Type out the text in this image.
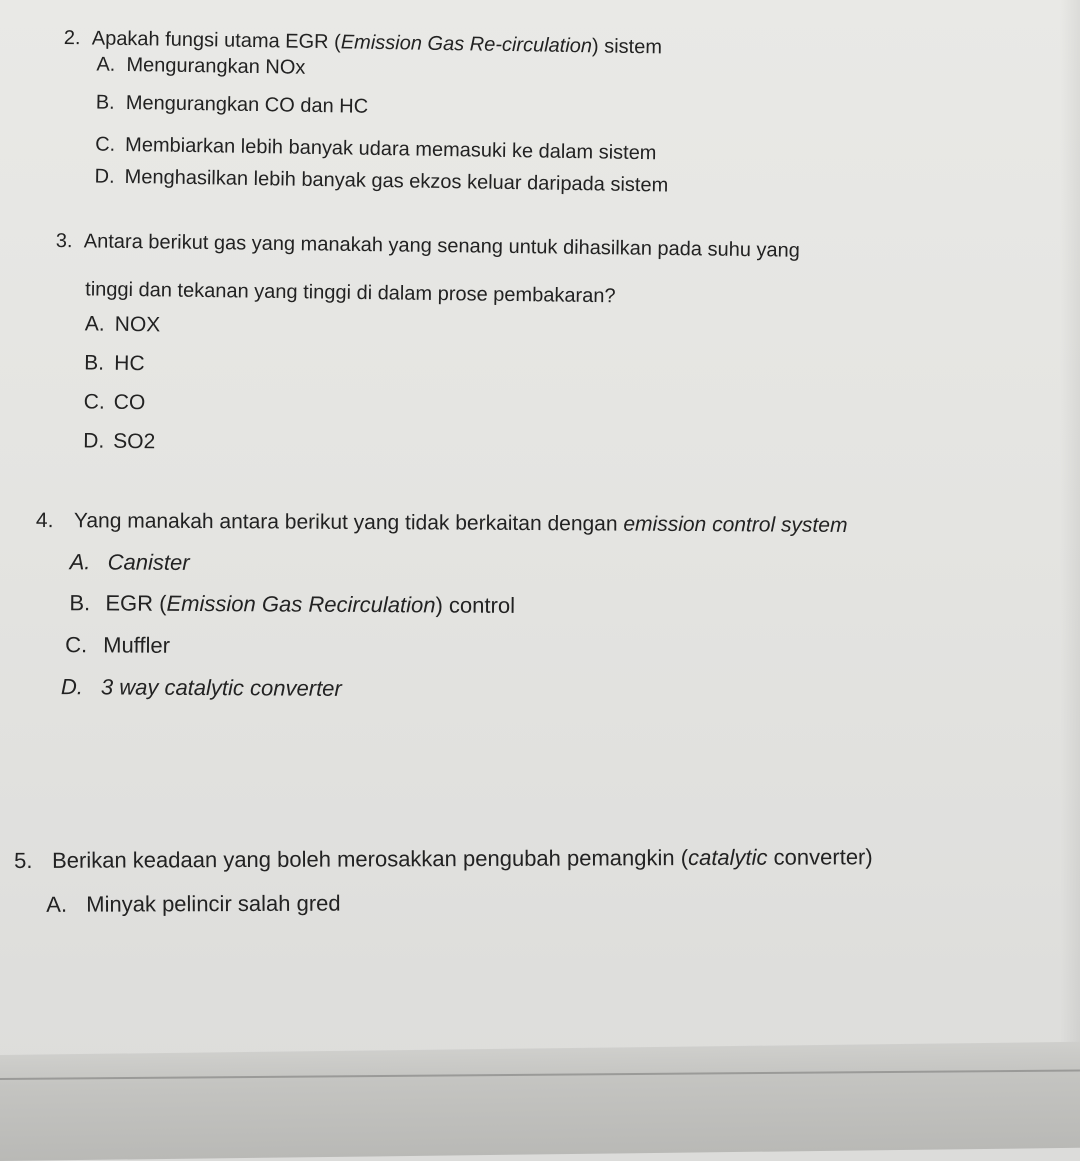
2. Apakah fungsi utama EGR (Emission Gas Re-circulation) sistem
A. Mengurangkan NOx
B. Mengurangkan CO dan HC
C. Membiarkan lebih banyak udara memasuki ke dalam sistem
D. Menghasilkan lebih banyak gas ekzos keluar daripada sistem
3. Antara berikut gas yang manakah yang senang untuk dihasilkan pada suhu yang
tinggi dan tekanan yang tinggi di dalam prose pembakaran?
A. NOX
B. HC
C. CO
D. SO2
4. Yang manakah antara berikut yang tidak berkaitan dengan emission control system
A. Canister
B. EGR (Emission Gas Recirculation) control
C. Muffler
D. 3 way catalytic converter
5. Berikan keadaan yang boleh merosakkan pengubah pemangkin (catalytic converter)
A. Minyak pelincir salah gred
